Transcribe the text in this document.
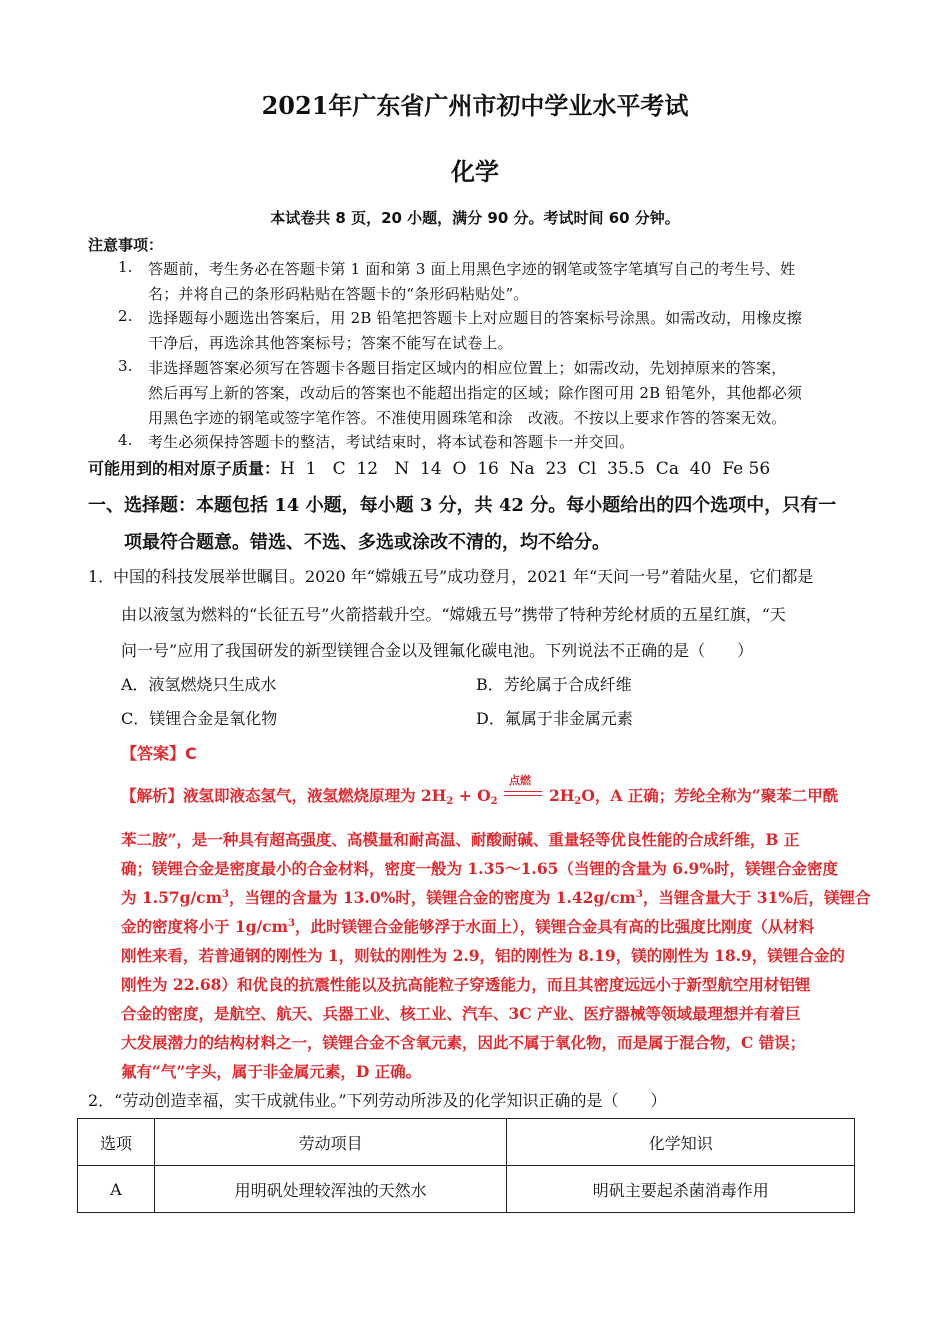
2021年广东省广州市初中学业水平考试
化学
本试卷共 8 页，20 小题，满分 90 分。考试时间 60 分钟。
注意事项：
1. 答题前，考生务必在答题卡第 1 面和第 3 面上用黑色字迹的钢笔或签字笔填写自己的考生号、姓
名；并将自己的条形码粘贴在答题卡的“条形码粘贴处”。
2. 选择题每小题选出答案后，用 2B 铅笔把答题卡上对应题目的答案标号涂黑。如需改动，用橡皮擦
干净后，再选涂其他答案标号；答案不能写在试卷上。
3. 非选择题答案必须写在答题卡各题目指定区域内的相应位置上；如需改动，先划掉原来的答案，
然后再写上新的答案，改动后的答案也不能超出指定的区域；除作图可用 2B 铅笔外，其他都必须
用黑色字迹的钢笔或签字笔作答。不准使用圆珠笔和涂　改液。不按以上要求作答的答案无效。
4. 考生必须保持答题卡的整洁，考试结束时，将本试卷和答题卡一并交回。
可能用到的相对原子质量：H  1   C  12   N  14  O  16  Na  23  Cl  35.5  Ca  40  Fe 56
一、选择题：本题包括 14 小题，每小题 3 分，共 42 分。每小题给出的四个选项中，只有一
项最符合题意。错选、不选、多选或涂改不清的，均不给分。
1．
中国的科技发展举世瞩目。2020 年“嫦娥五号”成功登月，2021 年“天问一号”着陆火星，它们都是
由以液氢为燃料的“长征五号”火箭搭载升空。“嫦娥五号”携带了特种芳纶材质的五星红旗，“天
问一号”应用了我国研发的新型镁锂合金以及锂氟化碳电池。下列说法不正确的是（　　）
A．液氢燃烧只生成水	B．芳纶属于合成纤维
C．镁锂合金是氧化物	D．氟属于非金属元素
【答案】C
【解析】液氢即液态氢气，液氢燃烧原理为 $2H_2 + O_2$	$2H_2O$，A 正确；芳纶全称为“聚苯二甲酰
点燃
苯二胺”，是一种具有超高强度、高模量和耐高温、耐酸耐碱、重量轻等优良性能的合成纤维，B 正
确；镁锂合金是密度最小的合金材料，密度一般为 1.35～1.65（当锂的含量为 6.9%时，镁锂合金密度
为 $1.57g/cm^3$，当锂的含量为 13.0%时，镁锂合金的密度为 $1.42g/cm^3$，当锂含量大于 31%后，镁锂合
金的密度将小于 $1g/cm^3$，此时镁锂合金能够浮于水面上），镁锂合金具有高的比强度比刚度（从材料
刚性来看，若普通钢的刚性为 1，则钛的刚性为 2.9，铝的刚性为 8.19，镁的刚性为 18.9，镁锂合金的
刚性为 22.68）和优良的抗震性能以及抗高能粒子穿透能力，而且其密度远远小于新型航空用材铝锂
合金的密度，是航空、航天、兵器工业、核工业、汽车、3C 产业、医疗器械等领域最理想并有着巨
大发展潜力的结构材料之一，镁锂合金不含氧元素，因此不属于氧化物，而是属于混合物，C 错误；
氟有“气”字头，属于非金属元素，D 正确。
2．“劳动创造幸福，实干成就伟业。”下列劳动所涉及的化学知识正确的是（　　）
选项	劳动项目	化学知识
A	用明矾处理较浑浊的天然水	明矾主要起杀菌消毒作用
